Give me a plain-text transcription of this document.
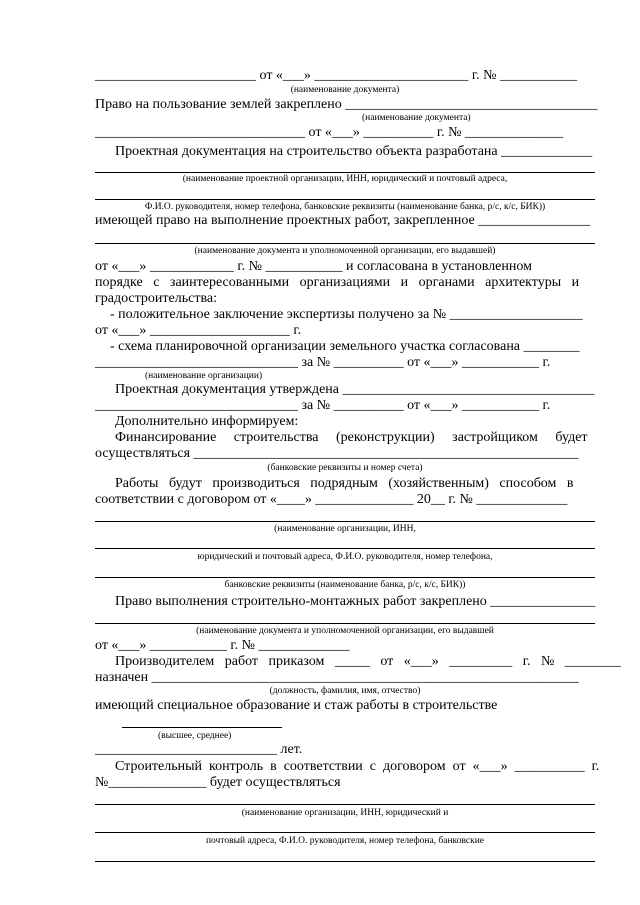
_______________________ от «___» ______________________ г. № ___________
(наименование документа)
Право на пользование землей закреплено ____________________________________
(наименование документа)
______________________________ от «___» __________ г. № ______________
Проектная документация на строительство объекта разработана _____________
(наименование проектной организации, ИНН, юридический и почтовый адреса,
Ф.И.О. руководителя, номер телефона, банковские реквизиты (наименование банка, р/с, к/с, БИК))
имеющей право на выполнение проектных работ, закрепленное ________________
(наименование документа и уполномоченной организации, его выдавшей)
от «___» ____________ г. № ___________ и согласована в установленном
порядке   с   заинтересованными   организациями   и   органами   архитектуры   и
градостроительства:
- положительное заключение экспертизы получено за № ___________________
от «___» ____________________ г.
- схема планировочной организации земельного участка согласована ________
_____________________________ за № __________ от «___» ___________ г.
(наименование организации)
Проектная документация утверждена ____________________________________
_____________________________ за № __________ от «___» ___________ г.
Дополнительно информируем:
Финансирование     строительства     (реконструкции)     застройщиком     будет
осуществляться _______________________________________________________
(банковские реквизиты и номер счета)
Работы   будут   производиться   подрядным   (хозяйственным)   способом   в
соответствии с договором от «____» ______________ 20__ г. № _____________
(наименование организации, ИНН,
юридический и почтовый адреса, Ф.И.О. руководителя, номер телефона,
банковские реквизиты (наименование банка, р/с, к/с, БИК))
Право выполнения строительно-монтажных работ закреплено _______________
(наименование документа и уполномоченной организации, его выдавшей
от «___» ___________ г. № _____________
Производителем   работ   приказом   _____   от   «___»   _________   г.   №   ________
назначен _____________________________________________________________
(должность, фамилия, имя, отчество)
имеющий специальное образование и стаж работы в строительстве
(высшее, среднее)
__________________________ лет.
Строительный  контроль  в  соответствии  с  договором  от  «___»  __________  г.
№______________ будет осуществляться
(наименование организации, ИНН, юридический и
почтовый адреса, Ф.И.О. руководителя, номер телефона, банковские
